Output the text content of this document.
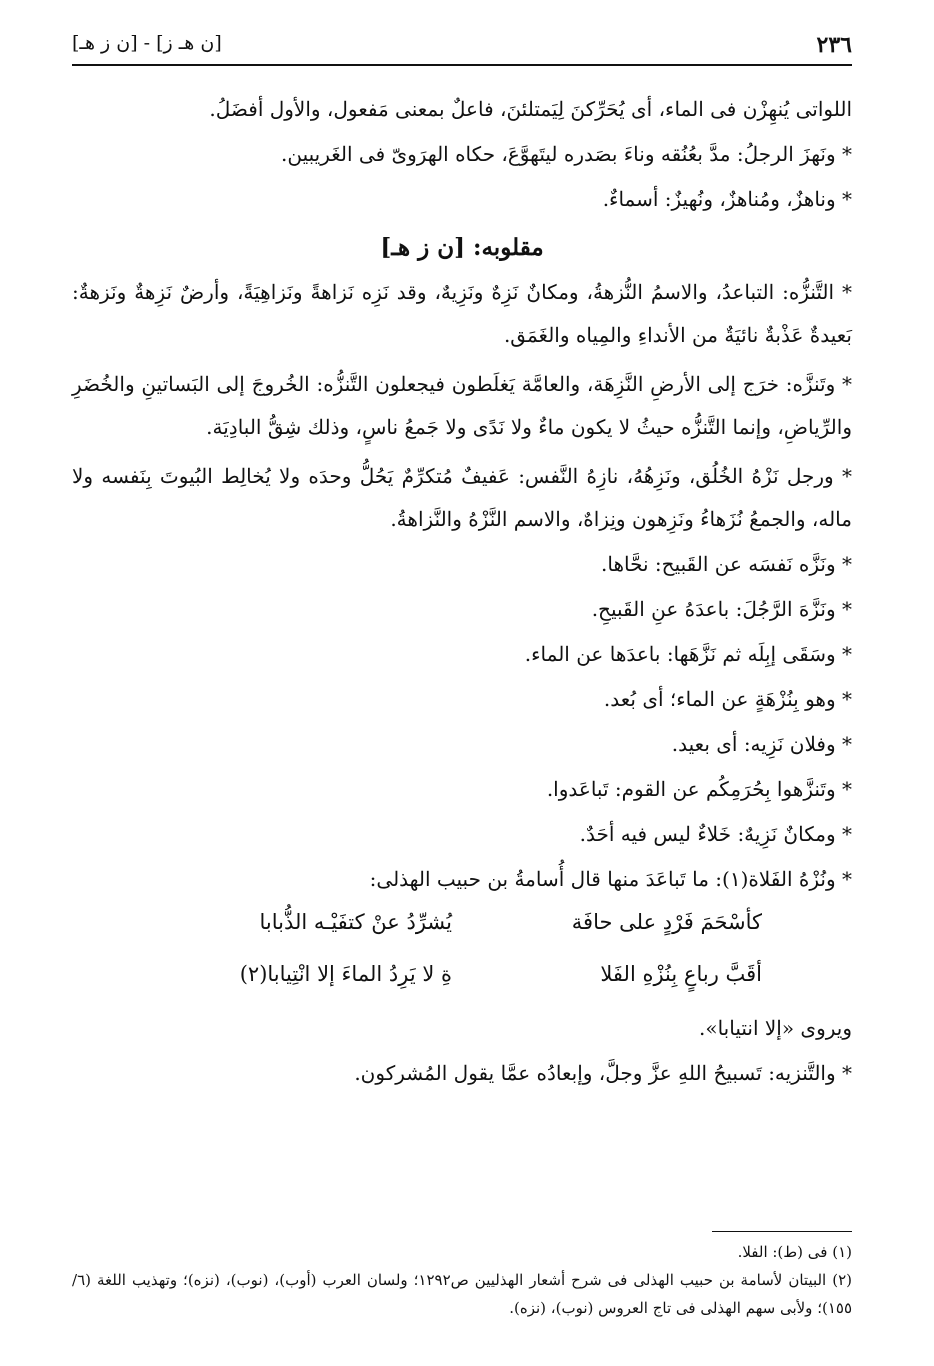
٢٣٦
[ن هـ ز] - [ن ز هـ]

اللواتى يُنهِزْن فى الماء، أى يُحَرِّكنَ لِيَمتلئنَ، فاعلٌ بمعنى مَفعول، والأول أفضَلُ.

* ونَهزَ الرجلُ: مدَّ بعُنُقه وناءَ بصَدره ليتَهوَّعَ، حكاه الهرَوىّ فى الغَريبين.

* وناهزٌ، ومُناهزٌ، ونُهيزٌ: أسماءٌ.

مقلوبه: [ن ز هـ]

* التَّنزُّه: التباعدُ، والاسمُ النُّزهةُ، ومكانٌ نَزِهٌ ونَزِيهٌ، وقد نَزِه نَزاهةً ونَزاهِيَةً، وأرضٌ نَزِهةٌ ونَزهةٌ: بَعيدةٌ عَذْبةٌ نائيَةٌ من الأنداءِ والمِياه والغَمَق.

* وتَنزَّه: خرَج إلى الأرضِ النَّزِهَة، والعامَّة يَغلَطون فيجعلون التَّنزُّه: الخُروجَ إلى البَساتينِ والخُضَرِ والرِّياضِ، وإنما التَّنزُّه حيثُ لا يكون ماءٌ ولا نَدًى ولا جَمعُ ناسٍ، وذلك شِقُّ البادِيَة.

* ورجل نَزْهُ الخُلُق، ونَزِهُهُ، نازِهُ النَّفس: عَفيفٌ مُتكرِّمٌ يَحُلُّ وحدَه ولا يُخالِط البُيوتَ بِنَفسه ولا ماله، والجمعُ نُزَهاءُ ونَزِهون ونِزاهٌ، والاسم النَّزْهُ والنَّزاهةُ.

* ونَزَّه نَفسَه عن القَبيح: نحَّاها.

* ونَزَّهَ الرَّجُلَ: باعدَهُ عنِ القَبيحِ.

* وسَقَى إبِلَه ثم نَزَّهَها: باعدَها عن الماء.

* وهو بِنُزْهَةٍ عن الماء؛ أى بُعد.

* وفلان نَزِيه: أى بعيد.

* وتَنزَّهوا بِحُرَمِكُم عن القوم: تَباعَدوا.

* ومكانٌ نَزِيهٌ: خَلاءٌ ليس فيه أحَدٌ.

* ونُزْهُ الفَلاة(١): ما تَباعَدَ منها قال أُسامةُ بن حبيب الهذلى:

كأسْحَمَ فَرْدٍ على حافَة
يُشرِّدُ عنْ كتفَيْـه الذُّبابا
أقَبَّ رباعٍ بِنُزْهِ الفَلا
ةِ لا يَرِدُ الماءَ إلا انْتِيابا(٢)

ويروى «إلا انتيابا».

* والتَّنزيه: تَسبيحُ اللهِ عزَّ وجلَّ، وإبعادُه عمَّا يقول المُشركون.

(١) فى (ط): الفلا.

(٢) البيتان لأسامة بن حبيب الهذلى فى شرح أشعار الهذليين ص١٢٩٢؛ ولسان العرب (أوب)، (نوب)، (نزه)؛ وتهذيب اللغة (٦/ ١٥٥)؛ ولأبى سهم الهذلى فى تاج العروس (نوب)، (نزه).
